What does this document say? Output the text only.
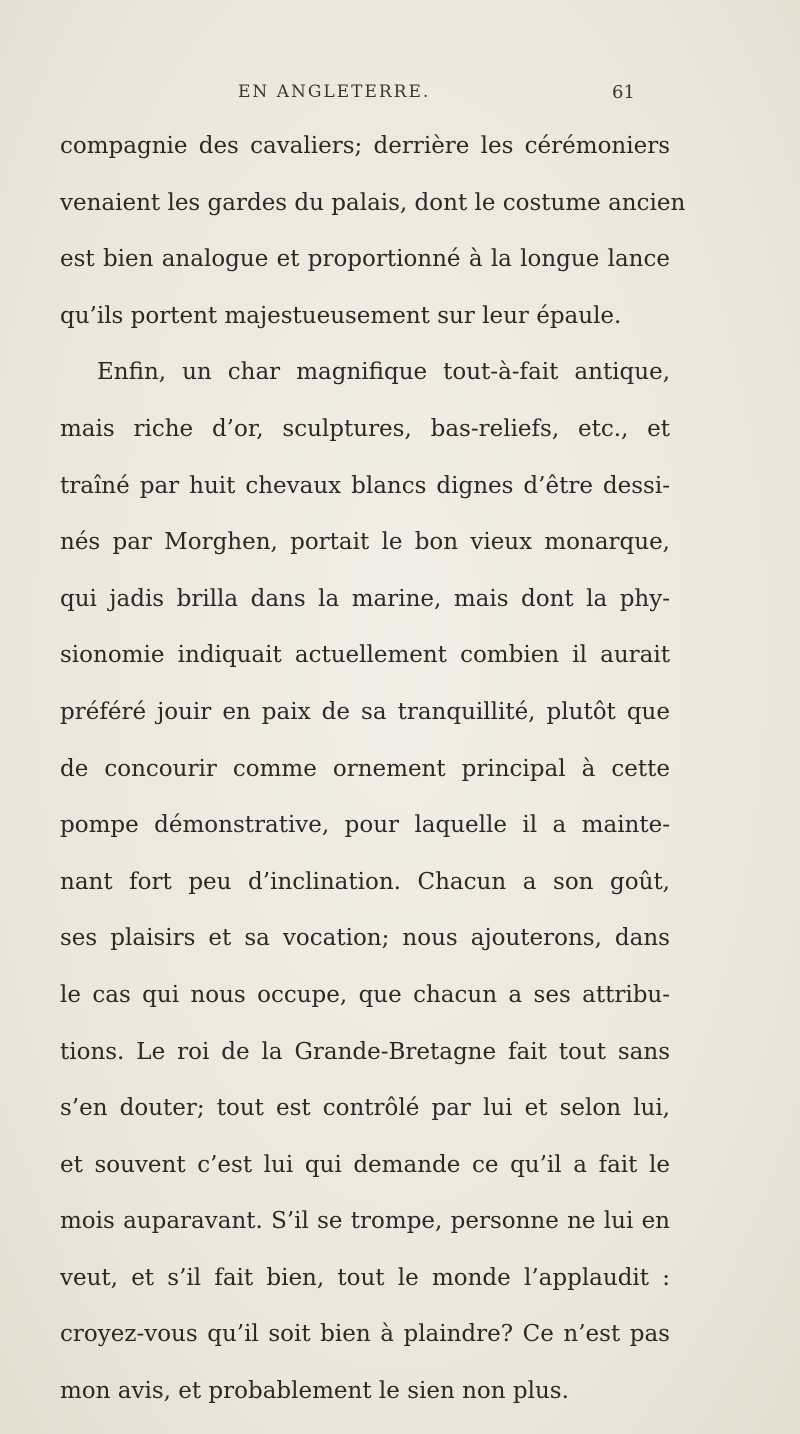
EN ANGLETERRE.	61
compagnie des cavaliers; derrière les cérémoniers
venaient les gardes du palais, dont le costume ancien
est bien analogue et proportionné à la longue lance
qu’ils portent majestueusement sur leur épaule.
Enfin, un char magnifique tout-à-fait antique,
mais riche d’or, sculptures, bas-reliefs, etc., et
traîné par huit chevaux blancs dignes d’être dessi-
nés par Morghen, portait le bon vieux monarque,
qui jadis brilla dans la marine, mais dont la phy-
sionomie indiquait actuellement combien il aurait
préféré jouir en paix de sa tranquillité, plutôt que
de concourir comme ornement principal à cette
pompe démonstrative, pour laquelle il a mainte-
nant fort peu d’inclination. Chacun a son goût,
ses plaisirs et sa vocation; nous ajouterons, dans
le cas qui nous occupe, que chacun a ses attribu-
tions. Le roi de la Grande-Bretagne fait tout sans
s’en douter; tout est contrôlé par lui et selon lui,
et souvent c’est lui qui demande ce qu’il a fait le
mois auparavant. S’il se trompe, personne ne lui en
veut, et s’il fait bien, tout le monde l’applaudit :
croyez-vous qu’il soit bien à plaindre? Ce n’est pas
mon avis, et probablement le sien non plus.
